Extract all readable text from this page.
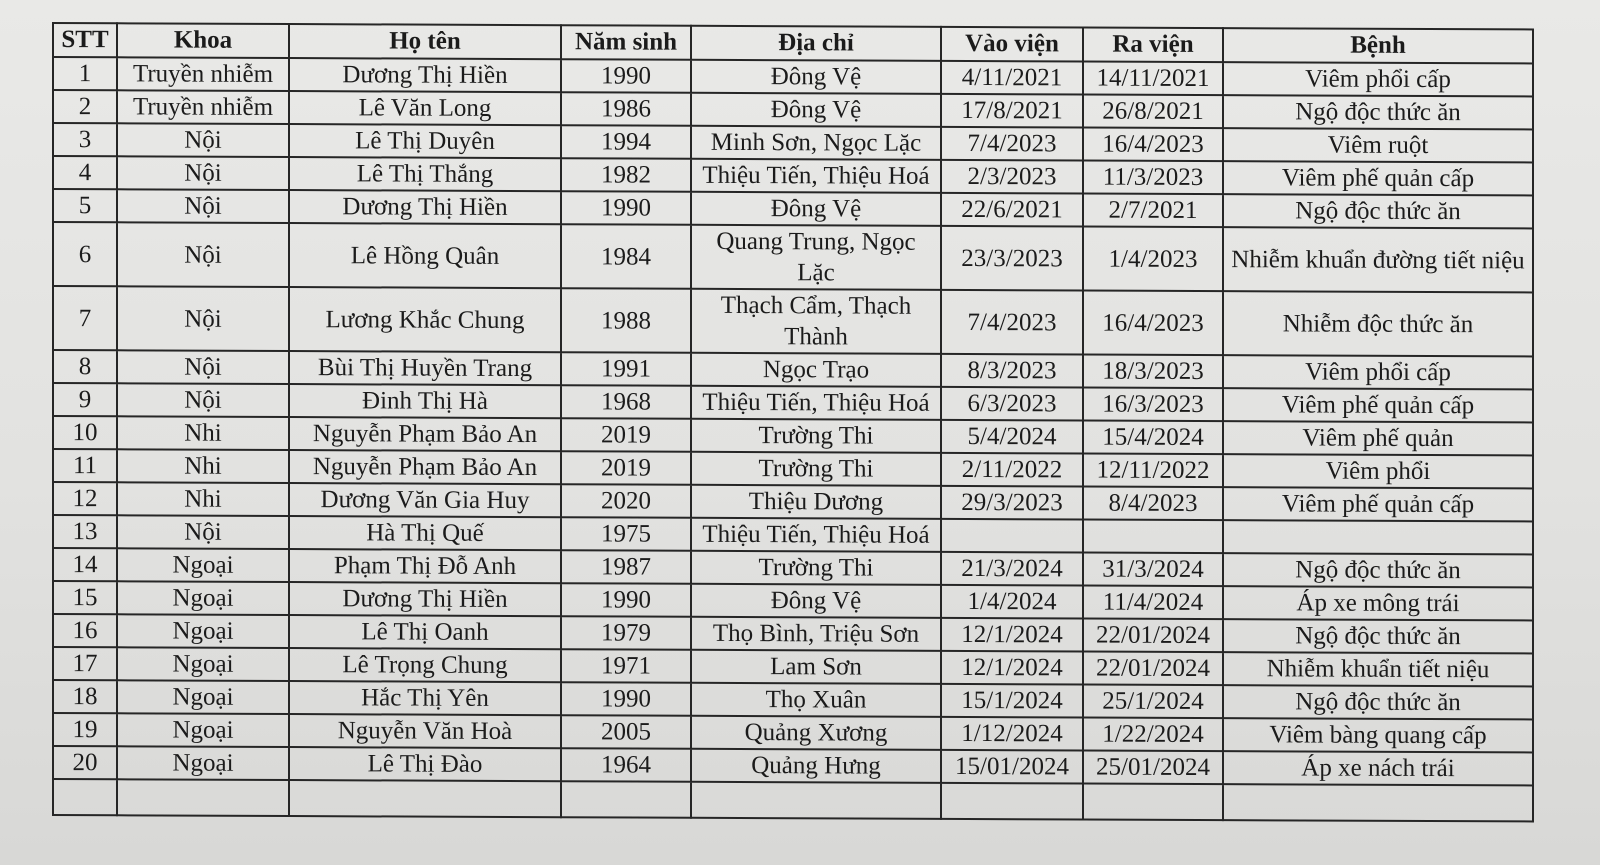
STT	Khoa	Họ tên	Năm sinh	Địa chỉ	Vào viện	Ra viện	Bệnh
1	Truyền nhiễm	Dương Thị Hiền	1990	Đông Vệ	4/11/2021	14/11/2021	Viêm phổi cấp
2	Truyền nhiễm	Lê Văn Long	1986	Đông Vệ	17/8/2021	26/8/2021	Ngộ độc thức ăn
3	Nội	Lê Thị Duyên	1994	Minh Sơn, Ngọc Lặc	7/4/2023	16/4/2023	Viêm ruột
4	Nội	Lê Thị Thắng	1982	Thiệu Tiến, Thiệu Hoá	2/3/2023	11/3/2023	Viêm phế quản cấp
5	Nội	Dương Thị Hiền	1990	Đông Vệ	22/6/2021	2/7/2021	Ngộ độc thức ăn
6	Nội	Lê Hồng Quân	1984	Quang Trung, Ngọc Lặc	23/3/2023	1/4/2023	Nhiễm khuẩn đường tiết niệu
7	Nội	Lương Khắc Chung	1988	Thạch Cẩm, Thạch Thành	7/4/2023	16/4/2023	Nhiễm độc thức ăn
8	Nội	Bùi Thị Huyền Trang	1991	Ngọc Trạo	8/3/2023	18/3/2023	Viêm phổi cấp
9	Nội	Đinh Thị Hà	1968	Thiệu Tiến, Thiệu Hoá	6/3/2023	16/3/2023	Viêm phế quản cấp
10	Nhi	Nguyễn Phạm Bảo An	2019	Trường Thi	5/4/2024	15/4/2024	Viêm phế quản
11	Nhi	Nguyễn Phạm Bảo An	2019	Trường Thi	2/11/2022	12/11/2022	Viêm phổi
12	Nhi	Dương Văn Gia Huy	2020	Thiệu Dương	29/3/2023	8/4/2023	Viêm phế quản cấp
13	Nội	Hà Thị Quế	1975	Thiệu Tiến, Thiệu Hoá			
14	Ngoại	Phạm Thị Đỗ Anh	1987	Trường Thi	21/3/2024	31/3/2024	Ngộ độc thức ăn
15	Ngoại	Dương Thị Hiền	1990	Đông Vệ	1/4/2024	11/4/2024	Áp xe mông trái
16	Ngoại	Lê Thị Oanh	1979	Thọ Bình, Triệu Sơn	12/1/2024	22/01/2024	Ngộ độc thức ăn
17	Ngoại	Lê Trọng Chung	1971	Lam Sơn	12/1/2024	22/01/2024	Nhiễm khuẩn tiết niệu
18	Ngoại	Hắc Thị Yên	1990	Thọ Xuân	15/1/2024	25/1/2024	Ngộ độc thức ăn
19	Ngoại	Nguyễn Văn Hoà	2005	Quảng Xương	1/12/2024	1/22/2024	Viêm bàng quang cấp
20	Ngoại	Lê Thị Đào	1964	Quảng Hưng	15/01/2024	25/01/2024	Áp xe nách trái
